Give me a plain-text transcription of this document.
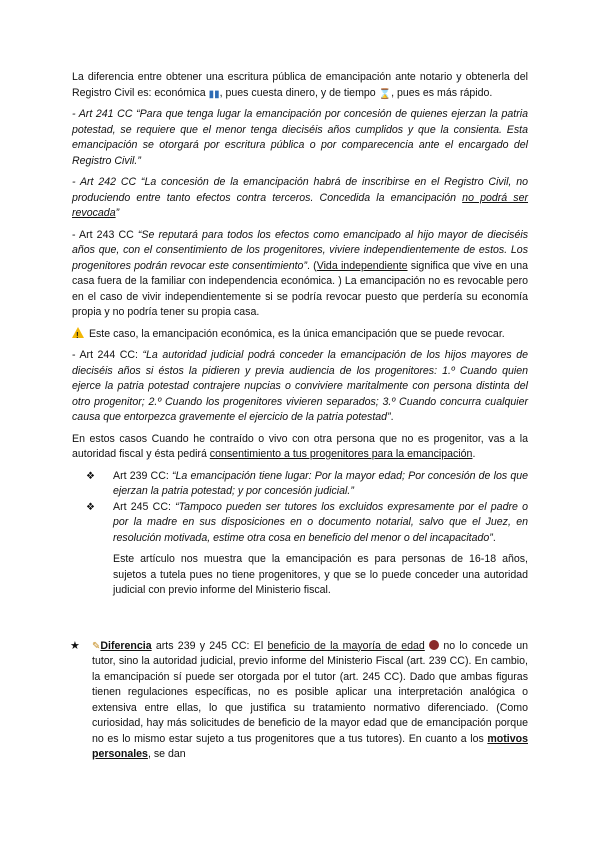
La diferencia entre obtener una escritura pública de emancipación ante notario y obtenerla del Registro Civil es: económica ▮▮, pues cuesta dinero, y de tiempo ⌛, pues es más rápido.

- Art 241 CC “Para que tenga lugar la emancipación por concesión de quienes ejerzan la patria potestad, se requiere que el menor tenga dieciséis años cumplidos y que la consienta. Esta emancipación se otorgará por escritura pública o por comparecencia ante el encargado del Registro Civil.”

- Art 242 CC “La concesión de la emancipación habrá de inscribirse en el Registro Civil, no produciendo entre tanto efectos contra terceros. Concedida la emancipación no podrá ser revocada”

- Art 243 CC “Se reputará para todos los efectos como emancipado al hijo mayor de dieciséis años que, con el consentimiento de los progenitores, viviere independientemente de estos. Los progenitores podrán revocar este consentimiento”. (Vida independiente significa que vive en una casa fuera de la familiar con independencia económica. ) La emancipación no es revocable pero en el caso de vivir independientemente si se podría revocar puesto que perdería su economía propia y no podría tener su propia casa.

! Este caso, la emancipación económica, es la única emancipación que se puede revocar.

- Art 244 CC: “La autoridad judicial podrá conceder la emancipación de los hijos mayores de dieciséis años si éstos la pidieren y previa audiencia de los progenitores: 1.º Cuando quien ejerce la patria potestad contrajere nupcias o conviviere maritalmente con persona distinta del otro progenitor; 2.º Cuando los progenitores vivieren separados; 3.º Cuando concurra cualquier causa que entorpezca gravemente el ejercicio de la patria potestad”.

En estos casos Cuando he contraído o vivo con otra persona que no es progenitor, vas a la autoridad fiscal y ésta pedirá consentimiento a tus progenitores para la emancipación.

❖ Art 239 CC: “La emancipación tiene lugar: Por la mayor edad; Por concesión de los que ejerzan la patria potestad; y por concesión judicial.”
❖ Art 245 CC: “Tampoco pueden ser tutores los excluidos expresamente por el padre o por la madre en sus disposiciones en o documento notarial, salvo que el Juez, en resolución motivada, estime otra cosa en beneficio del menor o del incapacitado”.
Este artículo nos muestra que la emancipación es para personas de 16-18 años, sujetos a tutela pues no tiene progenitores, y que se lo puede conceder una autoridad judicial con previo informe del Ministerio fiscal.
★ ✎Diferencia arts 239 y 245 CC: El beneficio de la mayoría de edad  no lo concede un tutor, sino la autoridad judicial, previo informe del Ministerio Fiscal (art. 239 CC). En cambio, la emancipación sí puede ser otorgada por el tutor (art. 245 CC). Dado que ambas figuras tienen regulaciones específicas, no es posible aplicar una interpretación analógica o extensiva entre ellas, lo que justifica su tratamiento normativo diferenciado. (Como curiosidad, hay más solicitudes de beneficio de la mayor edad que de emancipación porque no es lo mismo estar sujeto a tus progenitores que a tus tutores). En cuanto a los motivos personales, se dan
